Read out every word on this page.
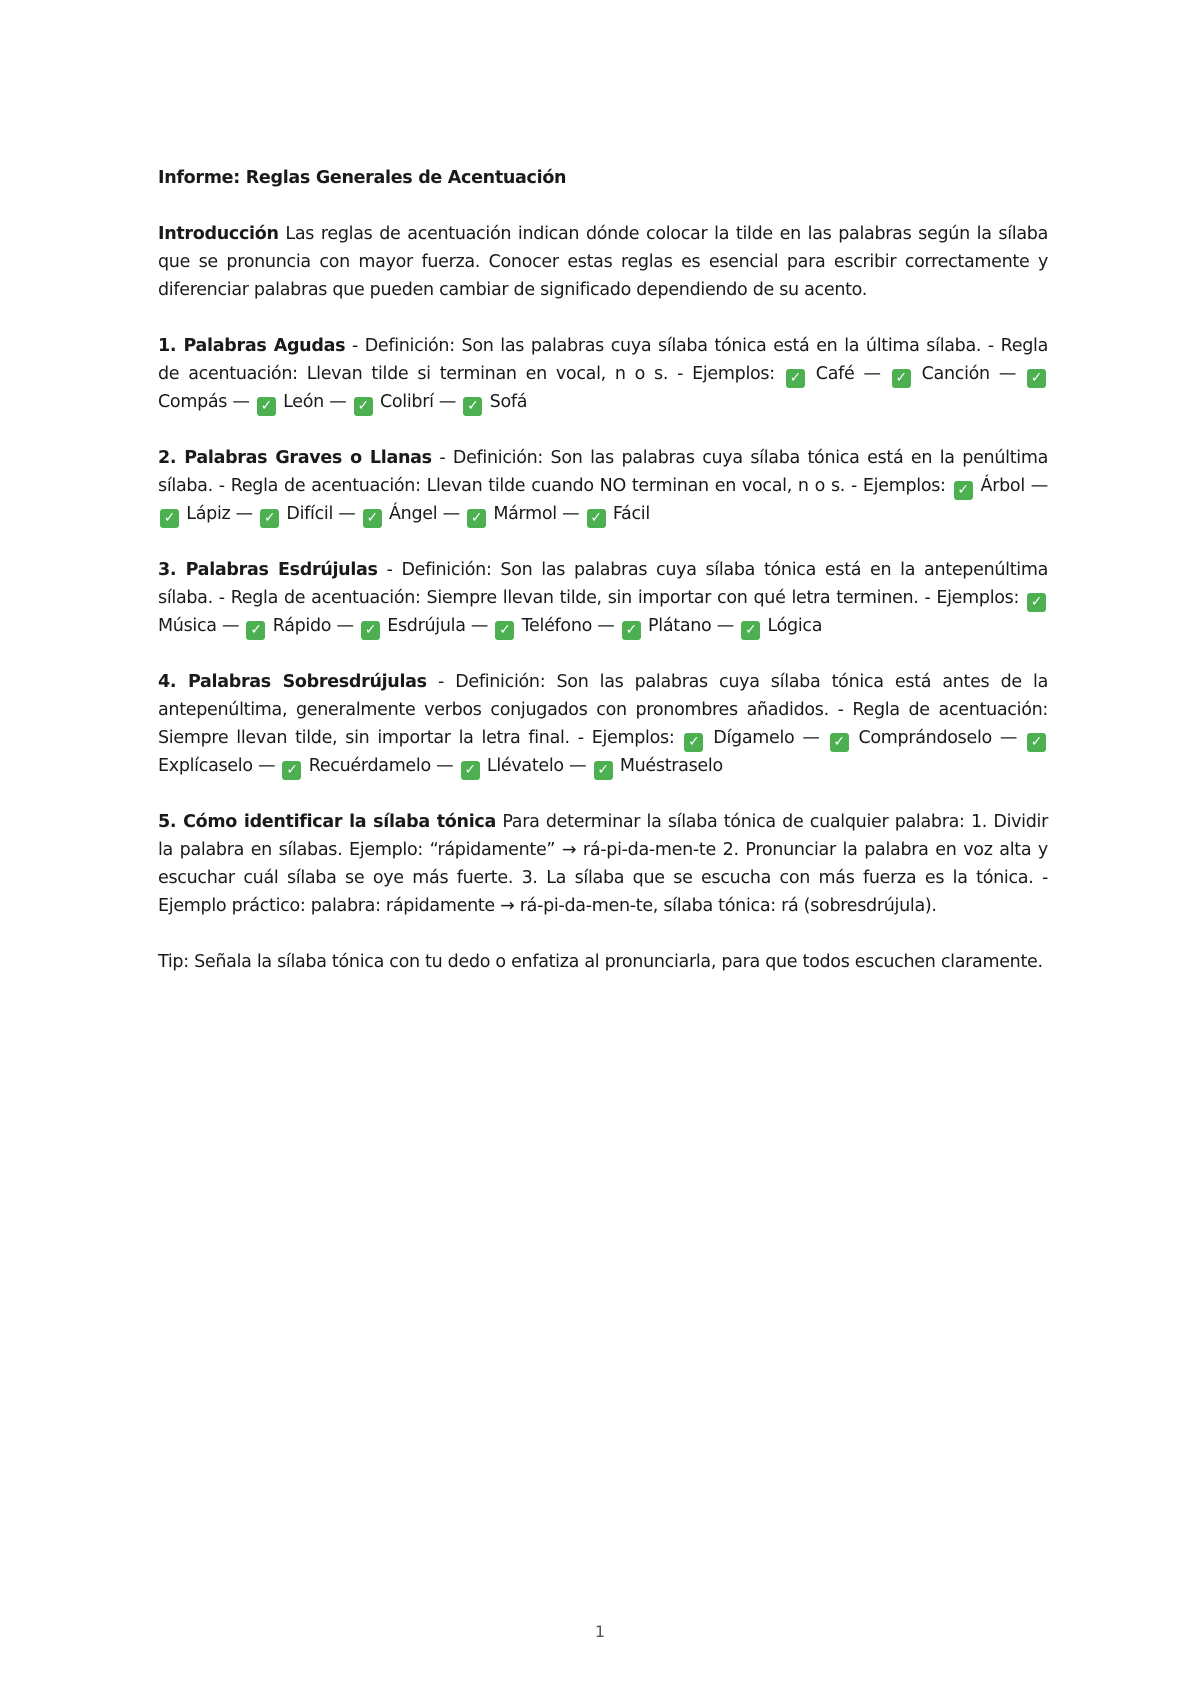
Informe: Reglas Generales de Acentuación

Introducción Las reglas de acentuación indican dónde colocar la tilde en las palabras según la sílaba que se pronuncia con mayor fuerza. Conocer estas reglas es esencial para escribir correctamente y diferenciar palabras que pueden cambiar de significado dependiendo de su acento.

1. Palabras Agudas - Definición: Son las palabras cuya sílaba tónica está en la última sílaba. - Regla de acentuación: Llevan tilde si terminan en vocal, n o s. - Ejemplos: ✓ Café — ✓ Canción — ✓ Compás — ✓ León — ✓ Colibrí — ✓ Sofá

2. Palabras Graves o Llanas - Definición: Son las palabras cuya sílaba tónica está en la penúltima sílaba. - Regla de acentuación: Llevan tilde cuando NO terminan en vocal, n o s. - Ejemplos: ✓ Árbol — ✓ Lápiz — ✓ Difícil — ✓ Ángel — ✓ Mármol — ✓ Fácil

3. Palabras Esdrújulas - Definición: Son las palabras cuya sílaba tónica está en la antepenúltima sílaba. - Regla de acentuación: Siempre llevan tilde, sin importar con qué letra terminen. - Ejemplos: ✓ Música — ✓ Rápido — ✓ Esdrújula — ✓ Teléfono — ✓ Plátano — ✓ Lógica

4. Palabras Sobresdrújulas - Definición: Son las palabras cuya sílaba tónica está antes de la antepenúltima, generalmente verbos conjugados con pronombres añadidos. - Regla de acentuación: Siempre llevan tilde, sin importar la letra final. - Ejemplos: ✓ Dígamelo — ✓ Comprándoselo — ✓ Explícaselo — ✓ Recuérdamelo — ✓ Llévatelo — ✓ Muéstraselo

5. Cómo identificar la sílaba tónica Para determinar la sílaba tónica de cualquier palabra: 1. Dividir la palabra en sílabas. Ejemplo: “rápidamente” → rá-pi-da-men-te 2. Pronunciar la palabra en voz alta y escuchar cuál sílaba se oye más fuerte. 3. La sílaba que se escucha con más fuerza es la tónica. - Ejemplo práctico: palabra: rápidamente → rá-pi-da-men-te, sílaba tónica: rá (sobresdrújula).

Tip: Señala la sílaba tónica con tu dedo o enfatiza al pronunciarla, para que todos escuchen claramente.

1
